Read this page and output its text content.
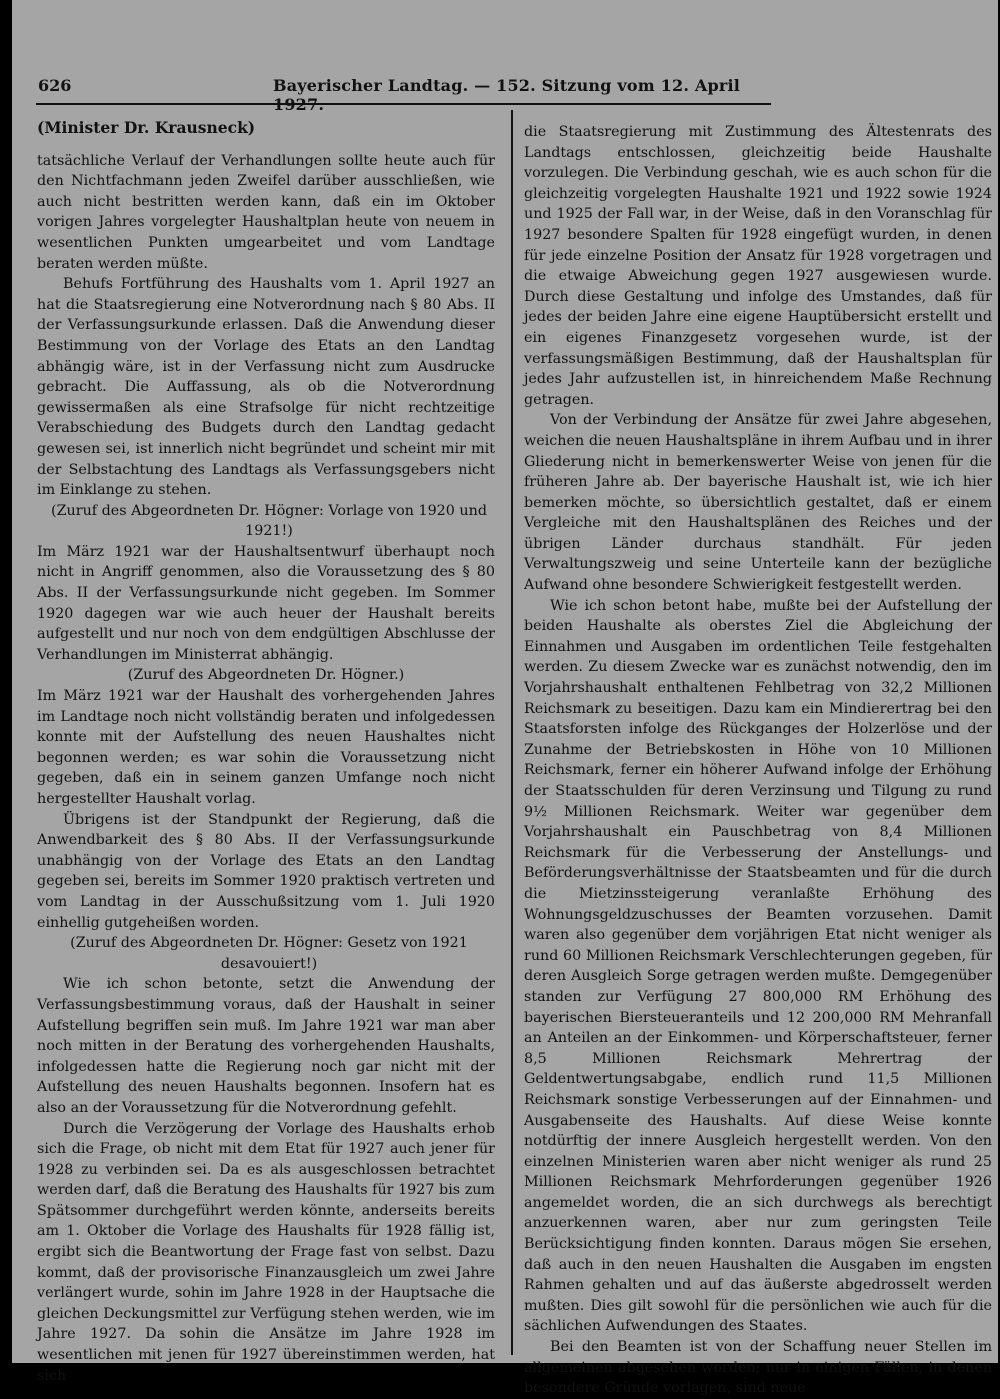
626	Bayerischer Landtag. — 152. Sitzung vom 12. April

(Minister Dr. Krausneck)

tatsächliche Verlauf der Verhandlungen sollte heute auch für den Nichtfachmann jeden Zweifel darüber ausschließen, wie auch nicht bestritten werden kann, daß ein im Oktober vorigen Jahres vorgelegter Haushaltplan heute von neuem in wesentlichen Punkten umgearbeitet und vom Landtage beraten werden müßte.

Behufs Fortführung des Haushalts vom 1. April 1927 an hat die Staatsregierung eine Notverordnung nach § 80 Abs. II der Verfassungsurkunde erlassen. Daß die Anwendung dieser Bestimmung von der Vorlage des Etats an den Landtag abhängig wäre, ist in der Verfassung nicht zum Ausdrucke gebracht. Die Auffassung, als ob die Notverordnung gewissermaßen als eine Strafsolge für nicht rechtzeitige Verabschiedung des Budgets durch den Landtag gedacht gewesen sei, ist innerlich nicht begründet und scheint mir mit der Selbstachtung des Landtags als Verfassungsgebers nicht im Einklange zu stehen.

(Zuruf des Abgeordneten Dr. Högner: Vorlage von 1920 und 1921!)

Im März 1921 war der Haushaltsentwurf überhaupt noch nicht in Angriff genommen, also die Voraussetzung des § 80 Abs. II der Verfassungsurkunde nicht gegeben. Im Sommer 1920 dagegen war wie auch heuer der Haushalt bereits aufgestellt und nur noch von dem endgültigen Abschlusse der Verhandlungen im Ministerrat abhängig.

(Zuruf des Abgeordneten Dr. Högner.)

Im März 1921 war der Haushalt des vorhergehenden Jahres im Landtage noch nicht vollständig beraten und infolgedessen konnte mit der Aufstellung des neuen Haushaltes nicht begonnen werden; es war sohin die Voraussetzung nicht gegeben, daß ein in seinem ganzen Umfange noch nicht hergestellter Haushalt vorlag.

Übrigens ist der Standpunkt der Regierung, daß die Anwendbarkeit des § 80 Abs. II der Verfassungsurkunde unabhängig von der Vorlage des Etats an den Landtag gegeben sei, bereits im Sommer 1920 praktisch vertreten und vom Landtag in der Ausschußsitzung vom 1. Juli 1920 einhellig gutgeheißen worden.

(Zuruf des Abgeordneten Dr. Högner: Gesetz von 1921 desavouiert!)

Wie ich schon betonte, setzt die Anwendung der Verfassungsbestimmung voraus, daß der Haushalt in seiner Aufstellung begriffen sein muß. Im Jahre 1921 war man aber noch mitten in der Beratung des vorhergehenden Haushalts, infolgedessen hatte die Regierung noch gar nicht mit der Aufstellung des neuen Haushalts begonnen. Insofern hat es also an der Voraussetzung für die Notverordnung gefehlt.

Durch die Verzögerung der Vorlage des Haushalts erhob sich die Frage, ob nicht mit dem Etat für 1927 auch jener für 1928 zu verbinden sei. Da es als ausgeschlossen betrachtet werden darf, daß die Beratung des Haushalts für 1927 bis zum Spätsommer durchgeführt werden könnte, anderseits bereits am 1. Oktober die Vorlage des Haushalts für 1928 fällig ist, ergibt sich die Beantwortung der Frage fast von selbst. Dazu kommt, daß der provisorische Finanzausgleich um zwei Jahre verlängert wurde, sohin im Jahre 1928 in der Hauptsache die gleichen Deckungsmittel zur Verfügung stehen werden, wie im Jahre 1927. Da sohin die Ansätze im Jahre 1928 im wesentlichen mit jenen für 1927 übereinstimmen werden, hat sich

die Staatsregierung mit Zustimmung des Ältestenrats des Landtags entschlossen, gleichzeitig beide Haushalte vorzulegen. Die Verbindung geschah, wie es auch schon für die gleichzeitig vorgelegten Haushalte 1921 und 1922 sowie 1924 und 1925 der Fall war, in der Weise, daß in den Voranschlag für 1927 besondere Spalten für 1928 eingefügt wurden, in denen für jede einzelne Position der Ansatz für 1928 vorgetragen und die etwaige Abweichung gegen 1927 ausgewiesen wurde. Durch diese Gestaltung und infolge des Umstandes, daß für jedes der beiden Jahre eine eigene Hauptübersicht erstellt und ein eigenes Finanzgesetz vorgesehen wurde, ist der verfassungsmäßigen Bestimmung, daß der Haushaltsplan für jedes Jahr aufzustellen ist, in hinreichendem Maße Rechnung getragen.

Von der Verbindung der Ansätze für zwei Jahre abgesehen, weichen die neuen Haushaltspläne in ihrem Aufbau und in ihrer Gliederung nicht in bemerkenswerter Weise von jenen für die früheren Jahre ab. Der bayerische Haushalt ist, wie ich hier bemerken möchte, so übersichtlich gestaltet, daß er einem Vergleiche mit den Haushaltsplänen des Reiches und der übrigen Länder durchaus standhält. Für jeden Verwaltungszweig und seine Unterteile kann der bezügliche Aufwand ohne besondere Schwierigkeit festgestellt werden.

Wie ich schon betont habe, mußte bei der Aufstellung der beiden Haushalte als oberstes Ziel die Abgleichung der Einnahmen und Ausgaben im ordentlichen Teile festgehalten werden. Zu diesem Zwecke war es zunächst notwendig, den im Vorjahrshaushalt enthaltenen Fehlbetrag von 32,2 Millionen Reichsmark zu beseitigen. Dazu kam ein Mindierertrag bei den Staatsforsten infolge des Rückganges der Holzerlöse und der Zunahme der Betriebskosten in Höhe von 10 Millionen Reichsmark, ferner ein höherer Aufwand infolge der Erhöhung der Staatsschulden für deren Verzinsung und Tilgung zu rund 9½ Millionen Reichsmark. Weiter war gegenüber dem Vorjahrshaushalt ein Pauschbetrag von 8,4 Millionen Reichsmark für die Verbesserung der Anstellungs- und Beförderungsverhältnisse der Staatsbeamten und für die durch die Mietzinssteigerung veranlaßte Erhöhung des Wohnungsgeldzuschusses der Beamten vorzusehen. Damit waren also gegenüber dem vorjährigen Etat nicht weniger als rund 60 Millionen Reichsmark Verschlechterungen gegeben, für deren Ausgleich Sorge getragen werden mußte. Demgegenüber standen zur Verfügung 27 800,000 RM Erhöhung des bayerischen Biersteueranteils und 12 200,000 RM Mehranfall an Anteilen an der Einkommen- und Körperschaftsteuer, ferner 8,5 Millionen Reichsmark Mehrertrag der Geldentwertungsabgabe, endlich rund 11,5 Millionen Reichsmark sonstige Verbesserungen auf der Einnahmen- und Ausgabenseite des Haushalts. Auf diese Weise konnte notdürftig der innere Ausgleich hergestellt werden. Von den einzelnen Ministerien waren aber nicht weniger als rund 25 Millionen Reichsmark Mehrforderungen gegenüber 1926 angemeldet worden, die an sich durchwegs als berechtigt anzuerkennen waren, aber nur zum geringsten Teile Berücksichtigung finden konnten. Daraus mögen Sie ersehen, daß auch in den neuen Haushalten die Ausgaben im engsten Rahmen gehalten und auf das äußerste abgedrosselt werden mußten. Dies gilt sowohl für die persönlichen wie auch für die sächlichen Aufwendungen des Staates.

Bei den Beamten ist von der Schaffung neuer Stellen im allgemeinen abgesehen worden; nur in einigen Fällen, in denen besondere Gründe vorlagen, sind neue
